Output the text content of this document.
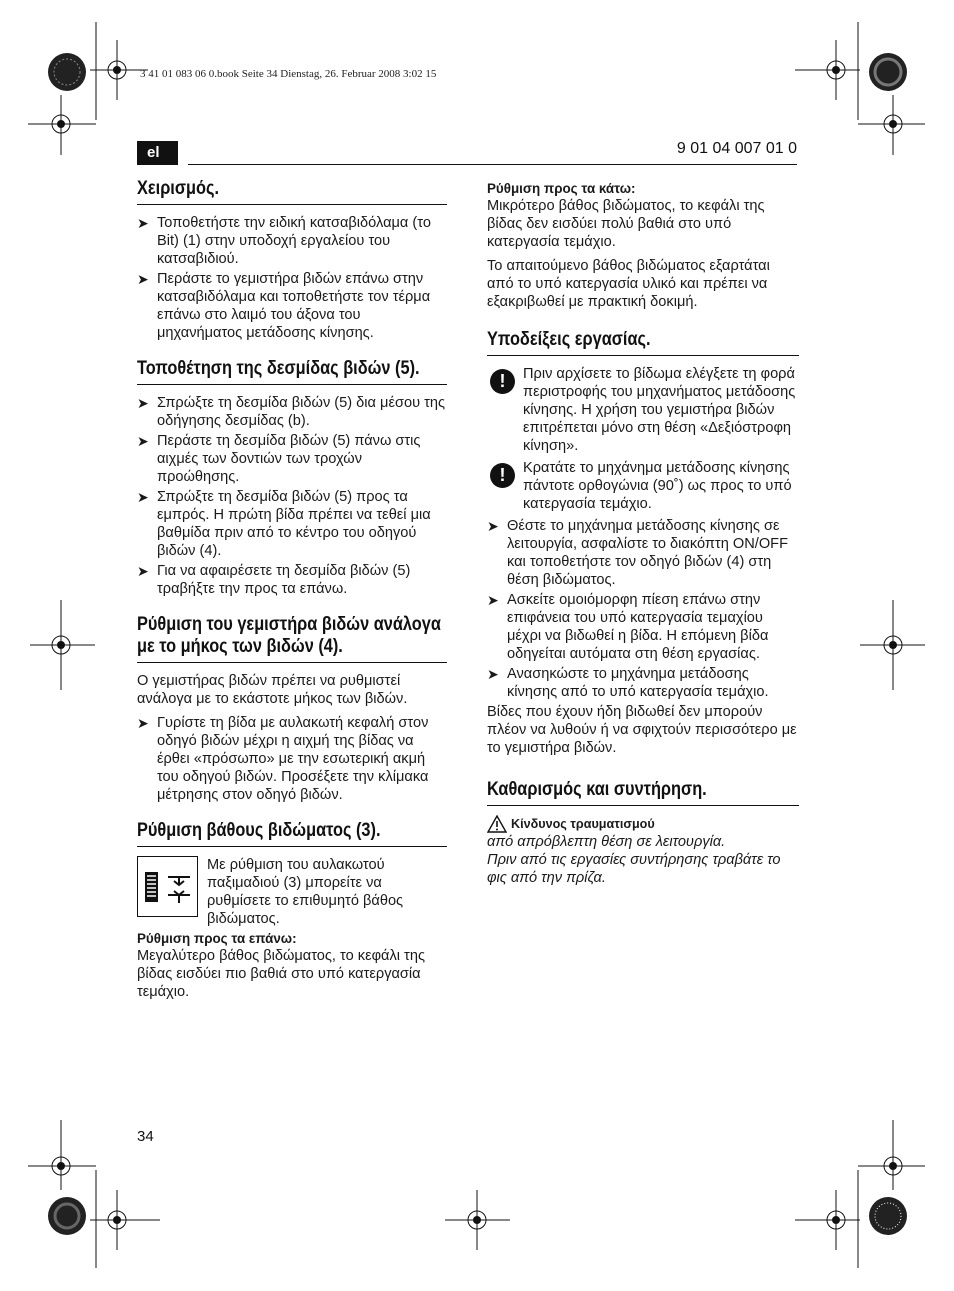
3 41 01 083 06 0.book Seite 34 Dienstag, 26. Februar 2008 3:02 15
el	9 01 04 007 01 0
Χειρισμός.
➤ Τοποθετήστε την ειδική κατσαβιδόλαμα (το Bit) (1) στην υποδοχή εργαλείου του κατσαβιδιού.
➤ Περάστε το γεμιστήρα βιδών επάνω στην κατσαβιδόλαμα και τοποθετήστε τον τέρμα επάνω στο λαιμό του άξονα του μηχανήματος μετάδοσης κίνησης.
Τοποθέτηση της δεσμίδας βιδών (5).
➤ Σπρώξτε τη δεσμίδα βιδών (5) δια μέσου της οδήγησης δεσμίδας (b).
➤ Περάστε τη δεσμίδα βιδών (5) πάνω στις αιχμές των δοντιών των τροχών προώθησης.
➤ Σπρώξτε τη δεσμίδα βιδών (5) προς τα εμπρός. Η πρώτη βίδα πρέπει να τεθεί μια βαθμίδα πριν από το κέντρο του οδηγού βιδών (4).
➤ Για να αφαιρέσετε τη δεσμίδα βιδών (5) τραβήξτε την προς τα επάνω.
Ρύθμιση του γεμιστήρα βιδών ανάλογα με το μήκος των βιδών (4).

Ο γεμιστήρας βιδών πρέπει να ρυθμιστεί ανάλογα με το εκάστοτε μήκος των βιδών.

➤ Γυρίστε τη βίδα με αυλακωτή κεφαλή στον οδηγό βιδών μέχρι η αιχμή της βίδας να έρθει «πρόσωπο» με την εσωτερική ακμή του οδηγού βιδών. Προσέξετε την κλίμακα μέτρησης στον οδηγό βιδών.
Ρύθμιση βάθους βιδώματος (3).

Με ρύθμιση του αυλακωτού παξιμαδιού (3) μπορείτε να ρυθμίσετε το επιθυμητό βάθος βιδώματος.

Ρύθμιση προς τα επάνω:

Μεγαλύτερο βάθος βιδώματος, το κεφάλι της βίδας εισδύει πιο βαθιά στο υπό κατεργασία τεμάχιο.

Ρύθμιση προς τα κάτω:

Μικρότερο βάθος βιδώματος, το κεφάλι της βίδας δεν εισδύει πολύ βαθιά στο υπό κατεργασία τεμάχιο.

Το απαιτούμενο βάθος βιδώματος εξαρτάται από το υπό κατεργασία υλικό και πρέπει να εξακριβωθεί με πρακτική δοκιμή.

Υποδείξεις εργασίας.
!	Πριν αρχίσετε το βίδωμα ελέγξετε τη φορά περιστροφής του μηχανήματος μετάδοσης κίνησης. Η χρήση του γεμιστήρα βιδών επιτρέπεται μόνο στη θέση «Δεξιόστροφη κίνηση».
!	Κρατάτε το μηχάνημα μετάδοσης κίνησης πάντοτε ορθογώνια (90˚) ως προς το υπό κατεργασία τεμάχιο.
➤ Θέστε το μηχάνημα μετάδοσης κίνησης σε λειτουργία, ασφαλίστε το διακόπτη ON/OFF και τοποθετήστε τον οδηγό βιδών (4) στη θέση βιδώματος.
➤ Ασκείτε ομοιόμορφη πίεση επάνω στην επιφάνεια του υπό κατεργασία τεμαχίου μέχρι να βιδωθεί η βίδα. Η επόμενη βίδα οδηγείται αυτόματα στη θέση εργασίας.
➤ Ανασηκώστε το μηχάνημα μετάδοσης κίνησης από το υπό κατεργασία τεμάχιο.

Βίδες που έχουν ήδη βιδωθεί δεν μπορούν πλέον να λυθούν ή να σφιχτούν περισσότερο με το γεμιστήρα βιδών.

Καθαρισμός και συντήρηση.
Κίνδυνος τραυματισμού

από απρόβλεπτη θέση σε λειτουργία.

Πριν από τις εργασίες συντήρησης τραβάτε το φις από την πρίζα.

34
